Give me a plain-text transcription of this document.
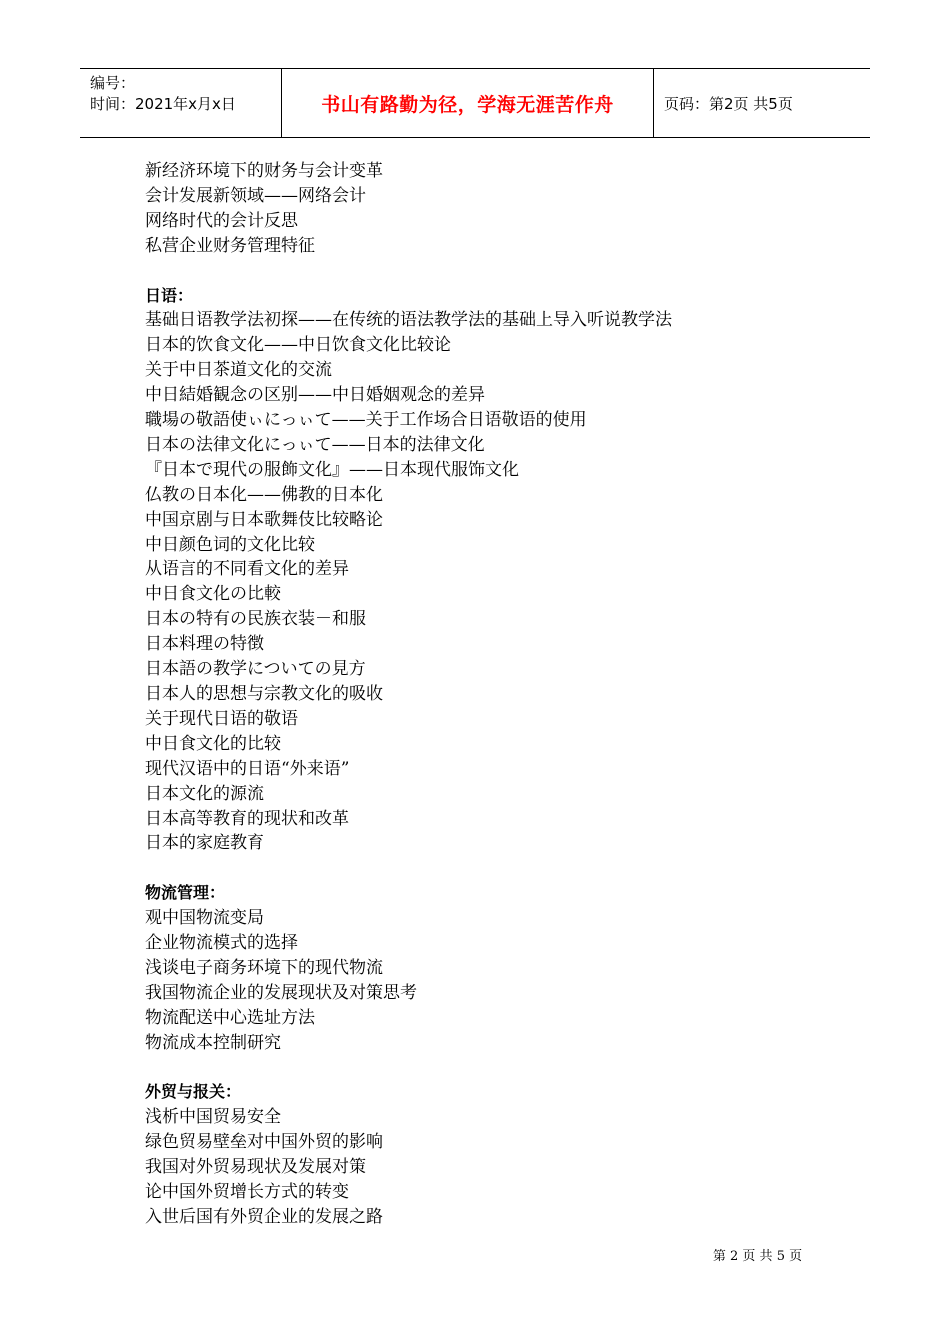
编号：
时间：2021年x月x日	书山有路勤为径，学海无涯苦作舟	页码：第2页 共5页
新经济环境下的财务与会计变革
会计发展新领域——网络会计
网络时代的会计反思
私营企业财务管理特征
日语：
基础日语教学法初探——在传统的语法教学法的基础上导入听说教学法
日本的饮食文化——中日饮食文化比较论
关于中日茶道文化的交流
中日結婚観念の区别——中日婚姻观念的差异
職場の敬語使ぃにっぃて——关于工作场合日语敬语的使用
日本の法律文化にっぃて——日本的法律文化
『日本で現代の服飾文化』——日本现代服饰文化
仏教の日本化——佛教的日本化
中国京剧与日本歌舞伎比较略论
中日颜色词的文化比较
从语言的不同看文化的差异
中日食文化の比較
日本の特有の民族衣装－和服
日本料理の特徴
日本語の教学についての見方
日本人的思想与宗教文化的吸收
关于现代日语的敬语
中日食文化的比较
现代汉语中的日语“外来语”
日本文化的源流
日本高等教育的现状和改革
日本的家庭教育
物流管理：
观中国物流变局
企业物流模式的选择
浅谈电子商务环境下的现代物流
我国物流企业的发展现状及对策思考
物流配送中心选址方法
物流成本控制研究
外贸与报关：
浅析中国贸易安全
绿色贸易壁垒对中国外贸的影响
我国对外贸易现状及发展对策
论中国外贸增长方式的转变
入世后国有外贸企业的发展之路
第 2 页 共 5 页
